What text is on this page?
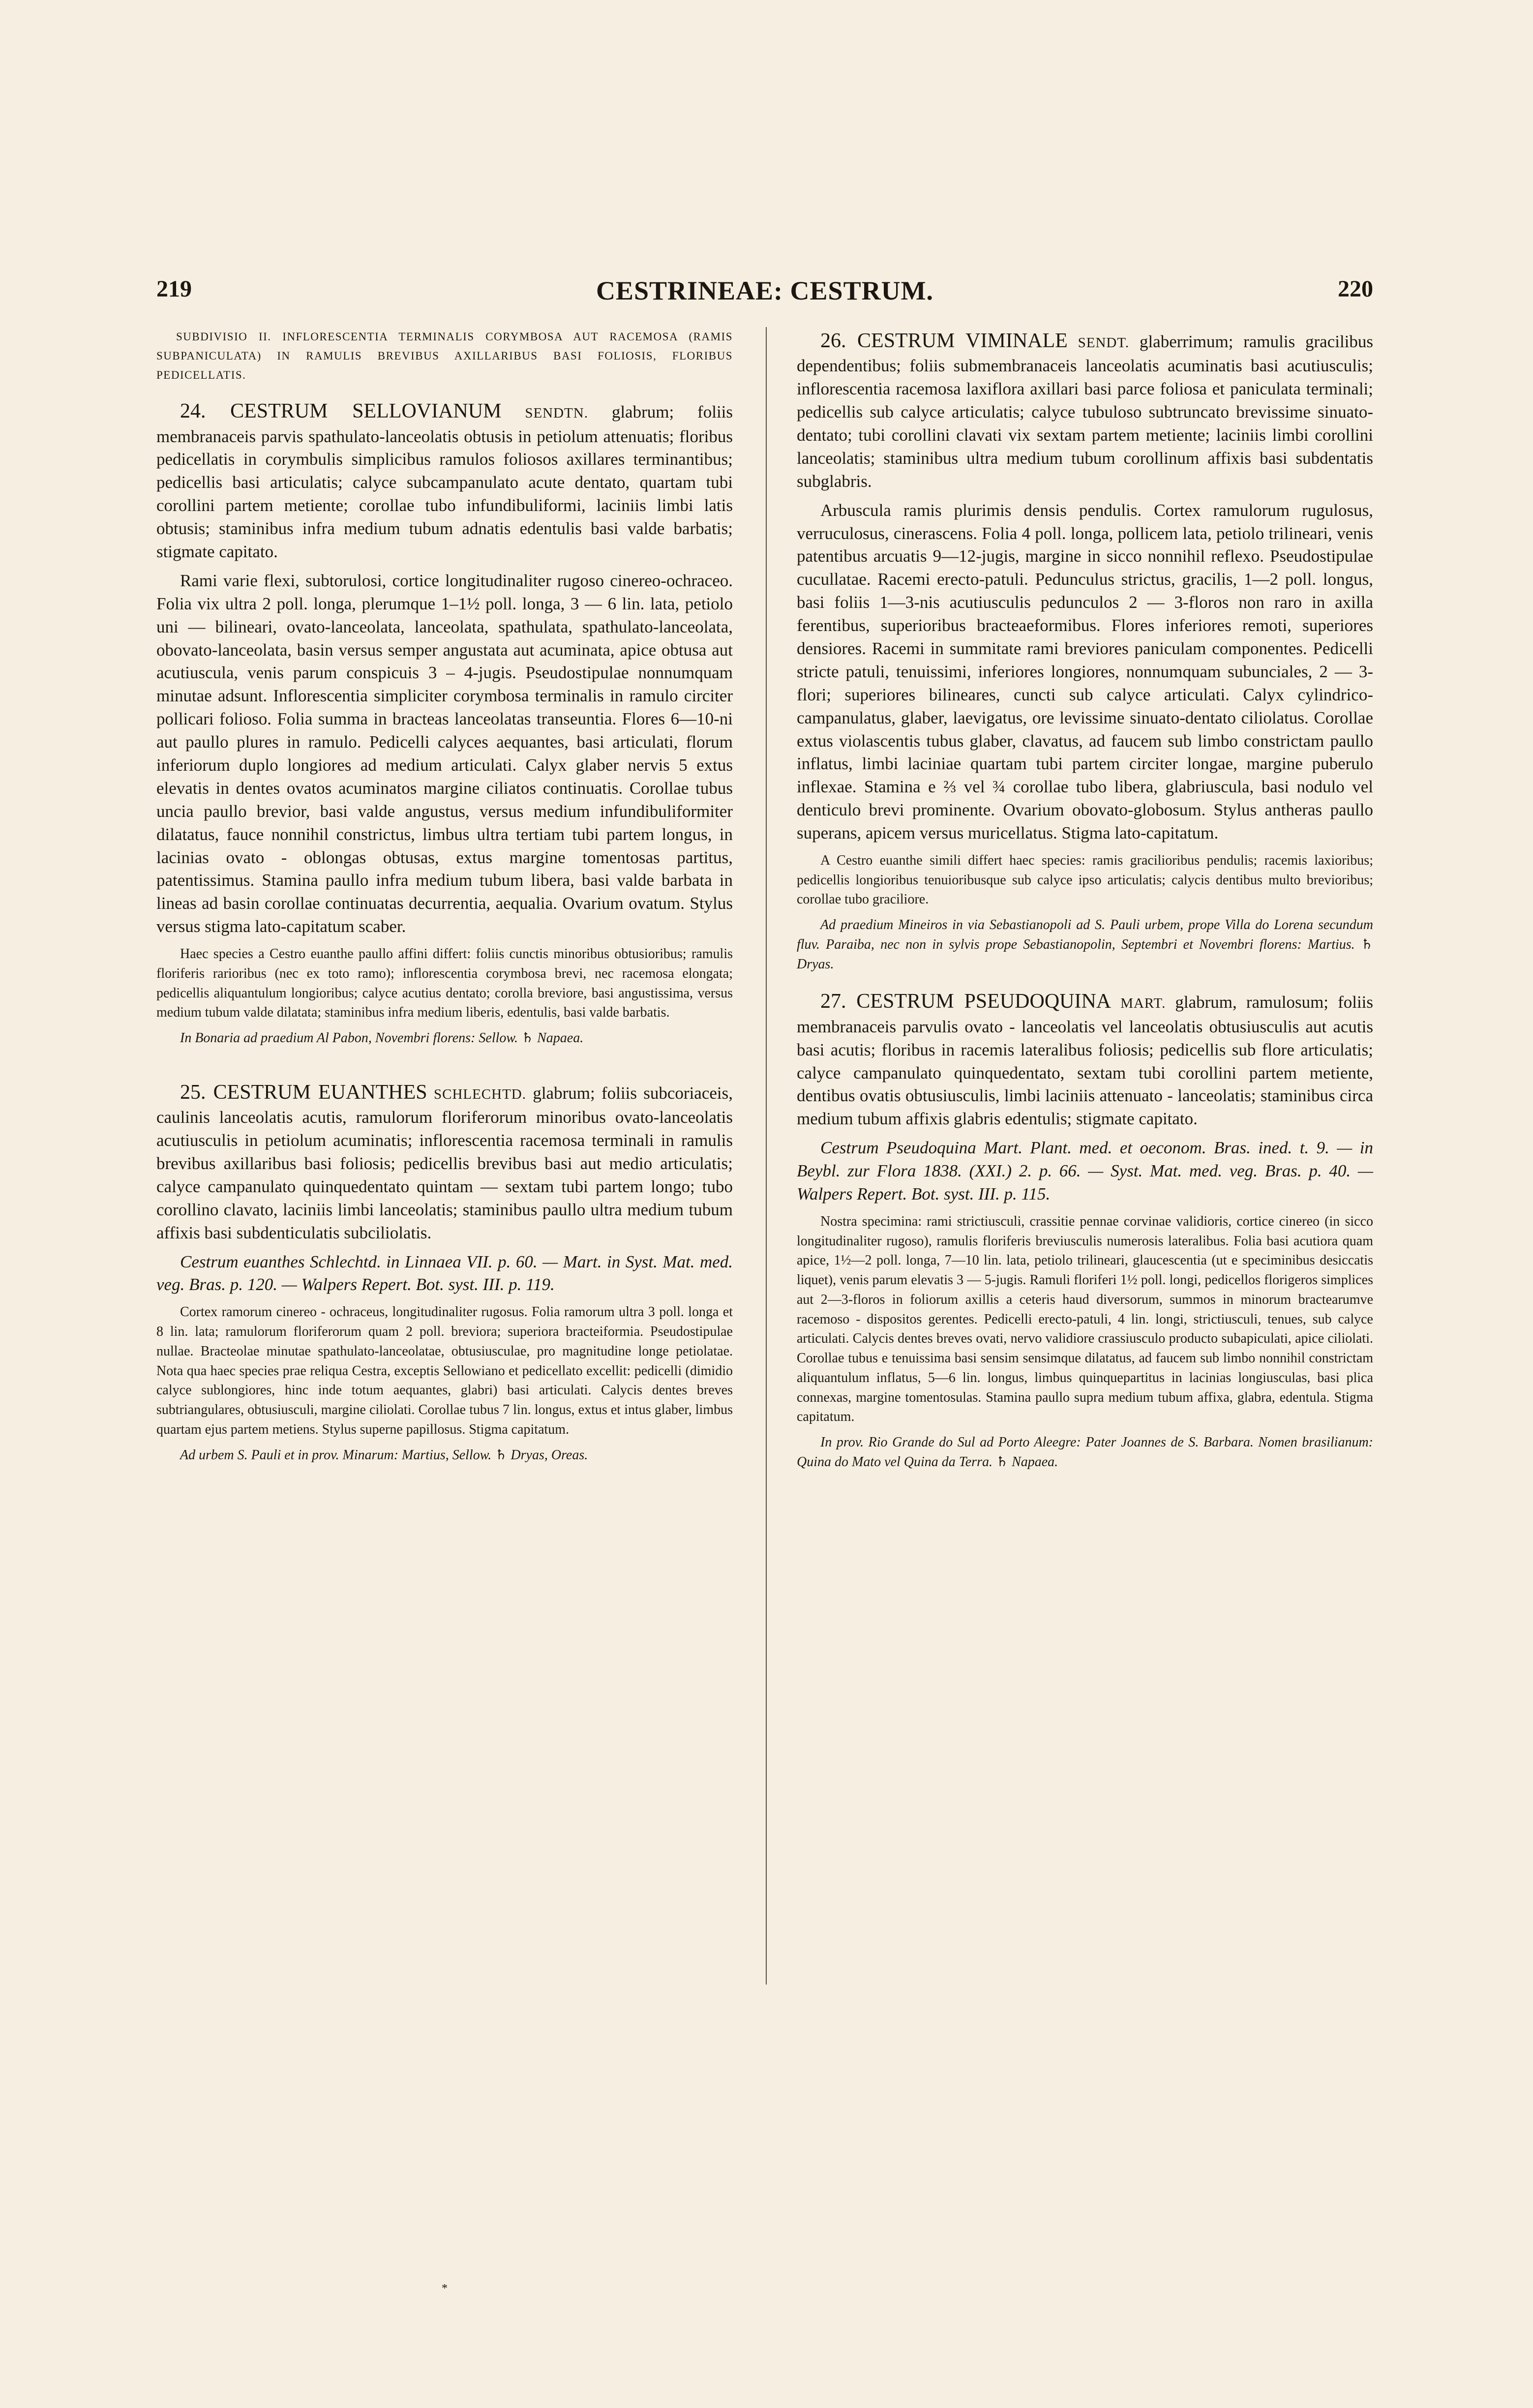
219	CESTRINEAE: CESTRUM.	220

SUBDIVISIO II. INFLORESCENTIA TERMINALIS CORYMBOSA AUT RACEMOSA (RAMIS SUBPANICULATA) IN RAMULIS BREVIBUS AXILLARIBUS BASI FOLIOSIS, FLORIBUS PEDICELLATIS.

24. CESTRUM SELLOVIANUM SENDTN. glabrum; foliis membranaceis parvis spathulato-lanceolatis obtusis in petiolum attenuatis; floribus pedicellatis in corymbulis simplicibus ramulos foliosos axillares terminantibus; pedicellis basi articulatis; calyce subcampanulato acute dentato, quartam tubi corollini partem metiente; corollae tubo infundibuliformi, laciniis limbi latis obtusis; staminibus infra medium tubum adnatis edentulis basi valde barbatis; stigmate capitato.

Rami varie flexi, subtorulosi, cortice longitudinaliter rugoso cinereo-ochraceo. Folia vix ultra 2 poll. longa, plerumque 1–1½ poll. longa, 3 — 6 lin. lata, petiolo uni — bilineari, ovato-lanceolata, lanceolata, spathulata, spathulato-lanceolata, obovato-lanceolata, basin versus semper angustata aut acuminata, apice obtusa aut acutiuscula, venis parum conspicuis 3 – 4-jugis. Pseudostipulae nonnumquam minutae adsunt. Inflorescentia simpliciter corymbosa terminalis in ramulo circiter pollicari folioso. Folia summa in bracteas lanceolatas transeuntia. Flores 6—10-ni aut paullo plures in ramulo. Pedicelli calyces aequantes, basi articulati, florum inferiorum duplo longiores ad medium articulati. Calyx glaber nervis 5 extus elevatis in dentes ovatos acuminatos margine ciliatos continuatis. Corollae tubus uncia paullo brevior, basi valde angustus, versus medium infundibuliformiter dilatatus, fauce nonnihil constrictus, limbus ultra tertiam tubi partem longus, in lacinias ovato - oblongas obtusas, extus margine tomentosas partitus, patentissimus. Stamina paullo infra medium tubum libera, basi valde barbata in lineas ad basin corollae continuatas decurrentia, aequalia. Ovarium ovatum. Stylus versus stigma lato-capitatum scaber.

Haec species a Cestro euanthe paullo affini differt: foliis cunctis minoribus obtusioribus; ramulis floriferis rarioribus (nec ex toto ramo); inflorescentia corymbosa brevi, nec racemosa elongata; pedicellis aliquantulum longioribus; calyce acutius dentato; corolla breviore, basi angustissima, versus medium tubum valde dilatata; staminibus infra medium liberis, edentulis, basi valde barbatis.

In Bonaria ad praedium Al Pabon, Novembri florens: Sellow. ♄ Napaea.

25. CESTRUM EUANTHES SCHLECHTD. glabrum; foliis subcoriaceis, caulinis lanceolatis acutis, ramulorum floriferorum minoribus ovato-lanceolatis acutiusculis in petiolum acuminatis; inflorescentia racemosa terminali in ramulis brevibus axillaribus basi foliosis; pedicellis brevibus basi aut medio articulatis; calyce campanulato quinquedentato quintam — sextam tubi partem longo; tubo corollino clavato, laciniis limbi lanceolatis; staminibus paullo ultra medium tubum affixis basi subdenticulatis subciliolatis.

Cestrum euanthes Schlechtd. in Linnaea VII. p. 60. — Mart. in Syst. Mat. med. veg. Bras. p. 120. — Walpers Repert. Bot. syst. III. p. 119.

Cortex ramorum cinereo - ochraceus, longitudinaliter rugosus. Folia ramorum ultra 3 poll. longa et 8 lin. lata; ramulorum floriferorum quam 2 poll. breviora; superiora bracteiformia. Pseudostipulae nullae. Bracteolae minutae spathulato-lanceolatae, obtusiusculae, pro magnitudine longe petiolatae. Nota qua haec species prae reliqua Cestra, exceptis Sellowiano et pedicellato excellit: pedicelli (dimidio calyce sublongiores, hinc inde totum aequantes, glabri) basi articulati. Calycis dentes breves subtriangulares, obtusiusculi, margine ciliolati. Corollae tubus 7 lin. longus, extus et intus glaber, limbus quartam ejus partem metiens. Stylus superne papillosus. Stigma capitatum.

Ad urbem S. Pauli et in prov. Minarum: Martius, Sellow. ♄ Dryas, Oreas.

26. CESTRUM VIMINALE SENDT. glaberrimum; ramulis gracilibus dependentibus; foliis submembranaceis lanceolatis acuminatis basi acutiusculis; inflorescentia racemosa laxiflora axillari basi parce foliosa et paniculata terminali; pedicellis sub calyce articulatis; calyce tubuloso subtruncato brevissime sinuato-dentato; tubi corollini clavati vix sextam partem metiente; laciniis limbi corollini lanceolatis; staminibus ultra medium tubum corollinum affixis basi subdentatis subglabris.

Arbuscula ramis plurimis densis pendulis. Cortex ramulorum rugulosus, verruculosus, cinerascens. Folia 4 poll. longa, pollicem lata, petiolo trilineari, venis patentibus arcuatis 9—12-jugis, margine in sicco nonnihil reflexo. Pseudostipulae cucullatae. Racemi erecto-patuli. Pedunculus strictus, gracilis, 1—2 poll. longus, basi foliis 1—3-nis acutiusculis pedunculos 2 — 3-floros non raro in axilla ferentibus, superioribus bracteaeformibus. Flores inferiores remoti, superiores densiores. Racemi in summitate rami breviores paniculam componentes. Pedicelli stricte patuli, tenuissimi, inferiores longiores, nonnumquam subunciales, 2 — 3-flori; superiores bilineares, cuncti sub calyce articulati. Calyx cylindrico-campanulatus, glaber, laevigatus, ore levissime sinuato-dentato ciliolatus. Corollae extus violascentis tubus glaber, clavatus, ad faucem sub limbo constrictam paullo inflatus, limbi laciniae quartam tubi partem circiter longae, margine puberulo inflexae. Stamina e ⅔ vel ¾ corollae tubo libera, glabriuscula, basi nodulo vel denticulo brevi prominente. Ovarium obovato-globosum. Stylus antheras paullo superans, apicem versus muricellatus. Stigma lato-capitatum.

A Cestro euanthe simili differt haec species: ramis gracilioribus pendulis; racemis laxioribus; pedicellis longioribus tenuioribusque sub calyce ipso articulatis; calycis dentibus multo brevioribus; corollae tubo graciliore.

Ad praedium Mineiros in via Sebastianopoli ad S. Pauli urbem, prope Villa do Lorena secundum fluv. Paraiba, nec non in sylvis prope Sebastianopolin, Septembri et Novembri florens: Martius. ♄ Dryas.

27. CESTRUM PSEUDOQUINA MART. glabrum, ramulosum; foliis membranaceis parvulis ovato - lanceolatis vel lanceolatis obtusiusculis aut acutis basi acutis; floribus in racemis lateralibus foliosis; pedicellis sub flore articulatis; calyce campanulato quinquedentato, sextam tubi corollini partem metiente, dentibus ovatis obtusiusculis, limbi laciniis attenuato - lanceolatis; staminibus circa medium tubum affixis glabris edentulis; stigmate capitato.

Cestrum Pseudoquina Mart. Plant. med. et oeconom. Bras. ined. t. 9. — in Beybl. zur Flora 1838. (XXI.) 2. p. 66. — Syst. Mat. med. veg. Bras. p. 40. — Walpers Repert. Bot. syst. III. p. 115.

Nostra specimina: rami strictiusculi, crassitie pennae corvinae validioris, cortice cinereo (in sicco longitudinaliter rugoso), ramulis floriferis breviusculis numerosis lateralibus. Folia basi acutiora quam apice, 1½—2 poll. longa, 7—10 lin. lata, petiolo trilineari, glaucescentia (ut e speciminibus desiccatis liquet), venis parum elevatis 3 — 5-jugis. Ramuli floriferi 1½ poll. longi, pedicellos florigeros simplices aut 2—3-floros in foliorum axillis a ceteris haud diversorum, summos in minorum bractearumve racemoso - dispositos gerentes. Pedicelli erecto-patuli, 4 lin. longi, strictiusculi, tenues, sub calyce articulati. Calycis dentes breves ovati, nervo validiore crassiusculo producto subapiculati, apice ciliolati. Corollae tubus e tenuissima basi sensim sensimque dilatatus, ad faucem sub limbo nonnihil constrictam aliquantulum inflatus, 5—6 lin. longus, limbus quinquepartitus in lacinias longiusculas, basi plica connexas, margine tomentosulas. Stamina paullo supra medium tubum affixa, glabra, edentula. Stigma capitatum.

In prov. Rio Grande do Sul ad Porto Aleegre: Pater Joannes de S. Barbara. Nomen brasilianum: Quina do Mato vel Quina da Terra. ♄ Napaea.

*
